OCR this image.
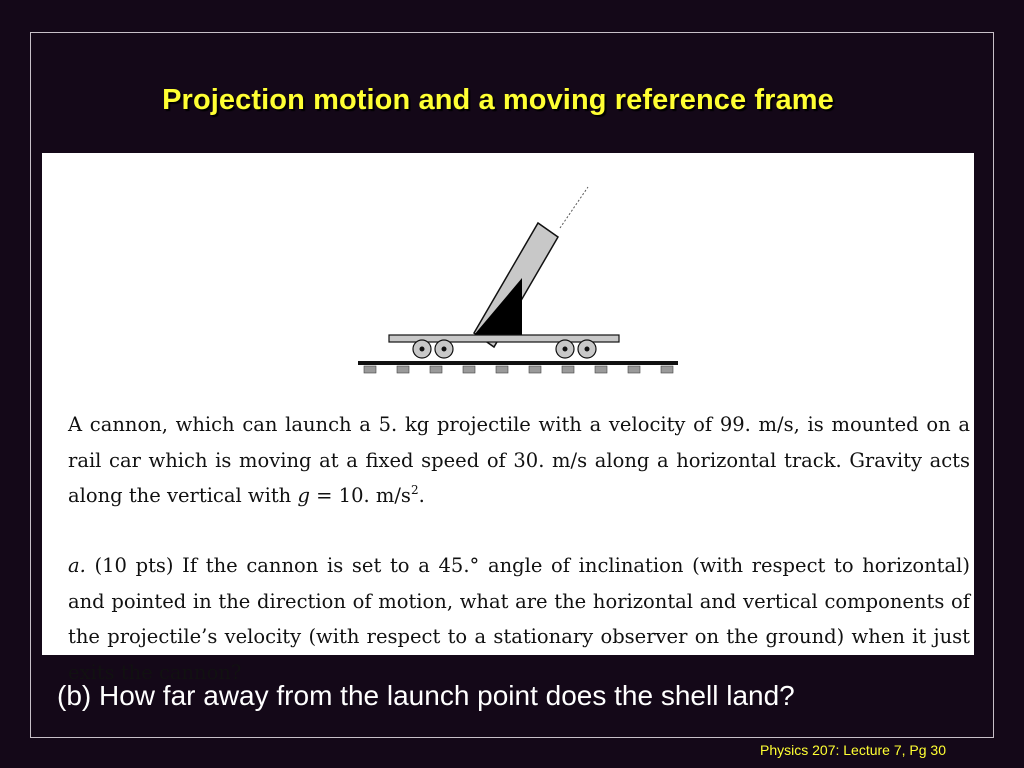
Projection motion and a moving reference frame
A cannon, which can launch a 5. kg projectile with a velocity of 99. m/s, is mounted on a rail car which is moving at a fixed speed of 30. m/s along a horizontal track. Gravity acts along the vertical with g = 10. $m/s^2$.
a. (10 pts) If the cannon is set to a 45.° angle of inclination (with respect to horizontal) and pointed in the direction of motion, what are the horizontal and vertical components of the projectile’s velocity (with respect to a stationary observer on the ground) when it just exits the cannon?
(b) How far away from the launch point does the shell land?
Physics 207: Lecture 7, Pg 30
